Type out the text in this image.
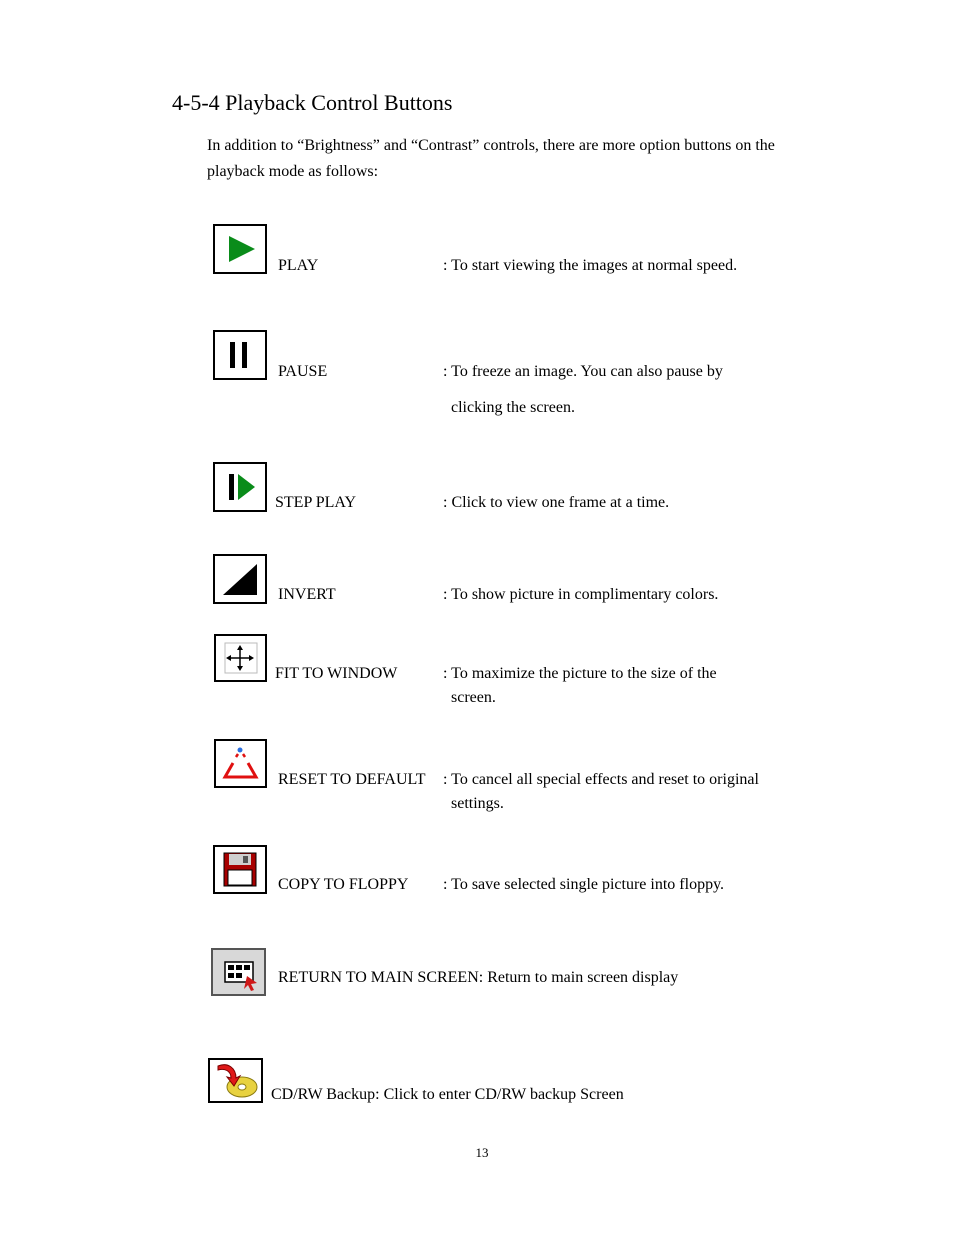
4-5-4 Playback Control Buttons
In addition to “Brightness” and “Contrast” controls, there are more option buttons on the playback mode as follows:
PLAY	: To start viewing the images at normal speed.
PAUSE	: To freeze an image. You can also pause by
clicking the screen.
STEP PLAY	: Click to view one frame at a time.
INVERT	: To show picture in complimentary colors.
FIT TO WINDOW	: To maximize the picture to the size of the
screen.
RESET TO DEFAULT : To cancel all special effects and reset to original
settings.
COPY TO FLOPPY : To save selected single picture into floppy.
RETURN TO MAIN SCREEN: Return to main screen display
CD/RW Backup: Click to enter CD/RW backup Screen
13
